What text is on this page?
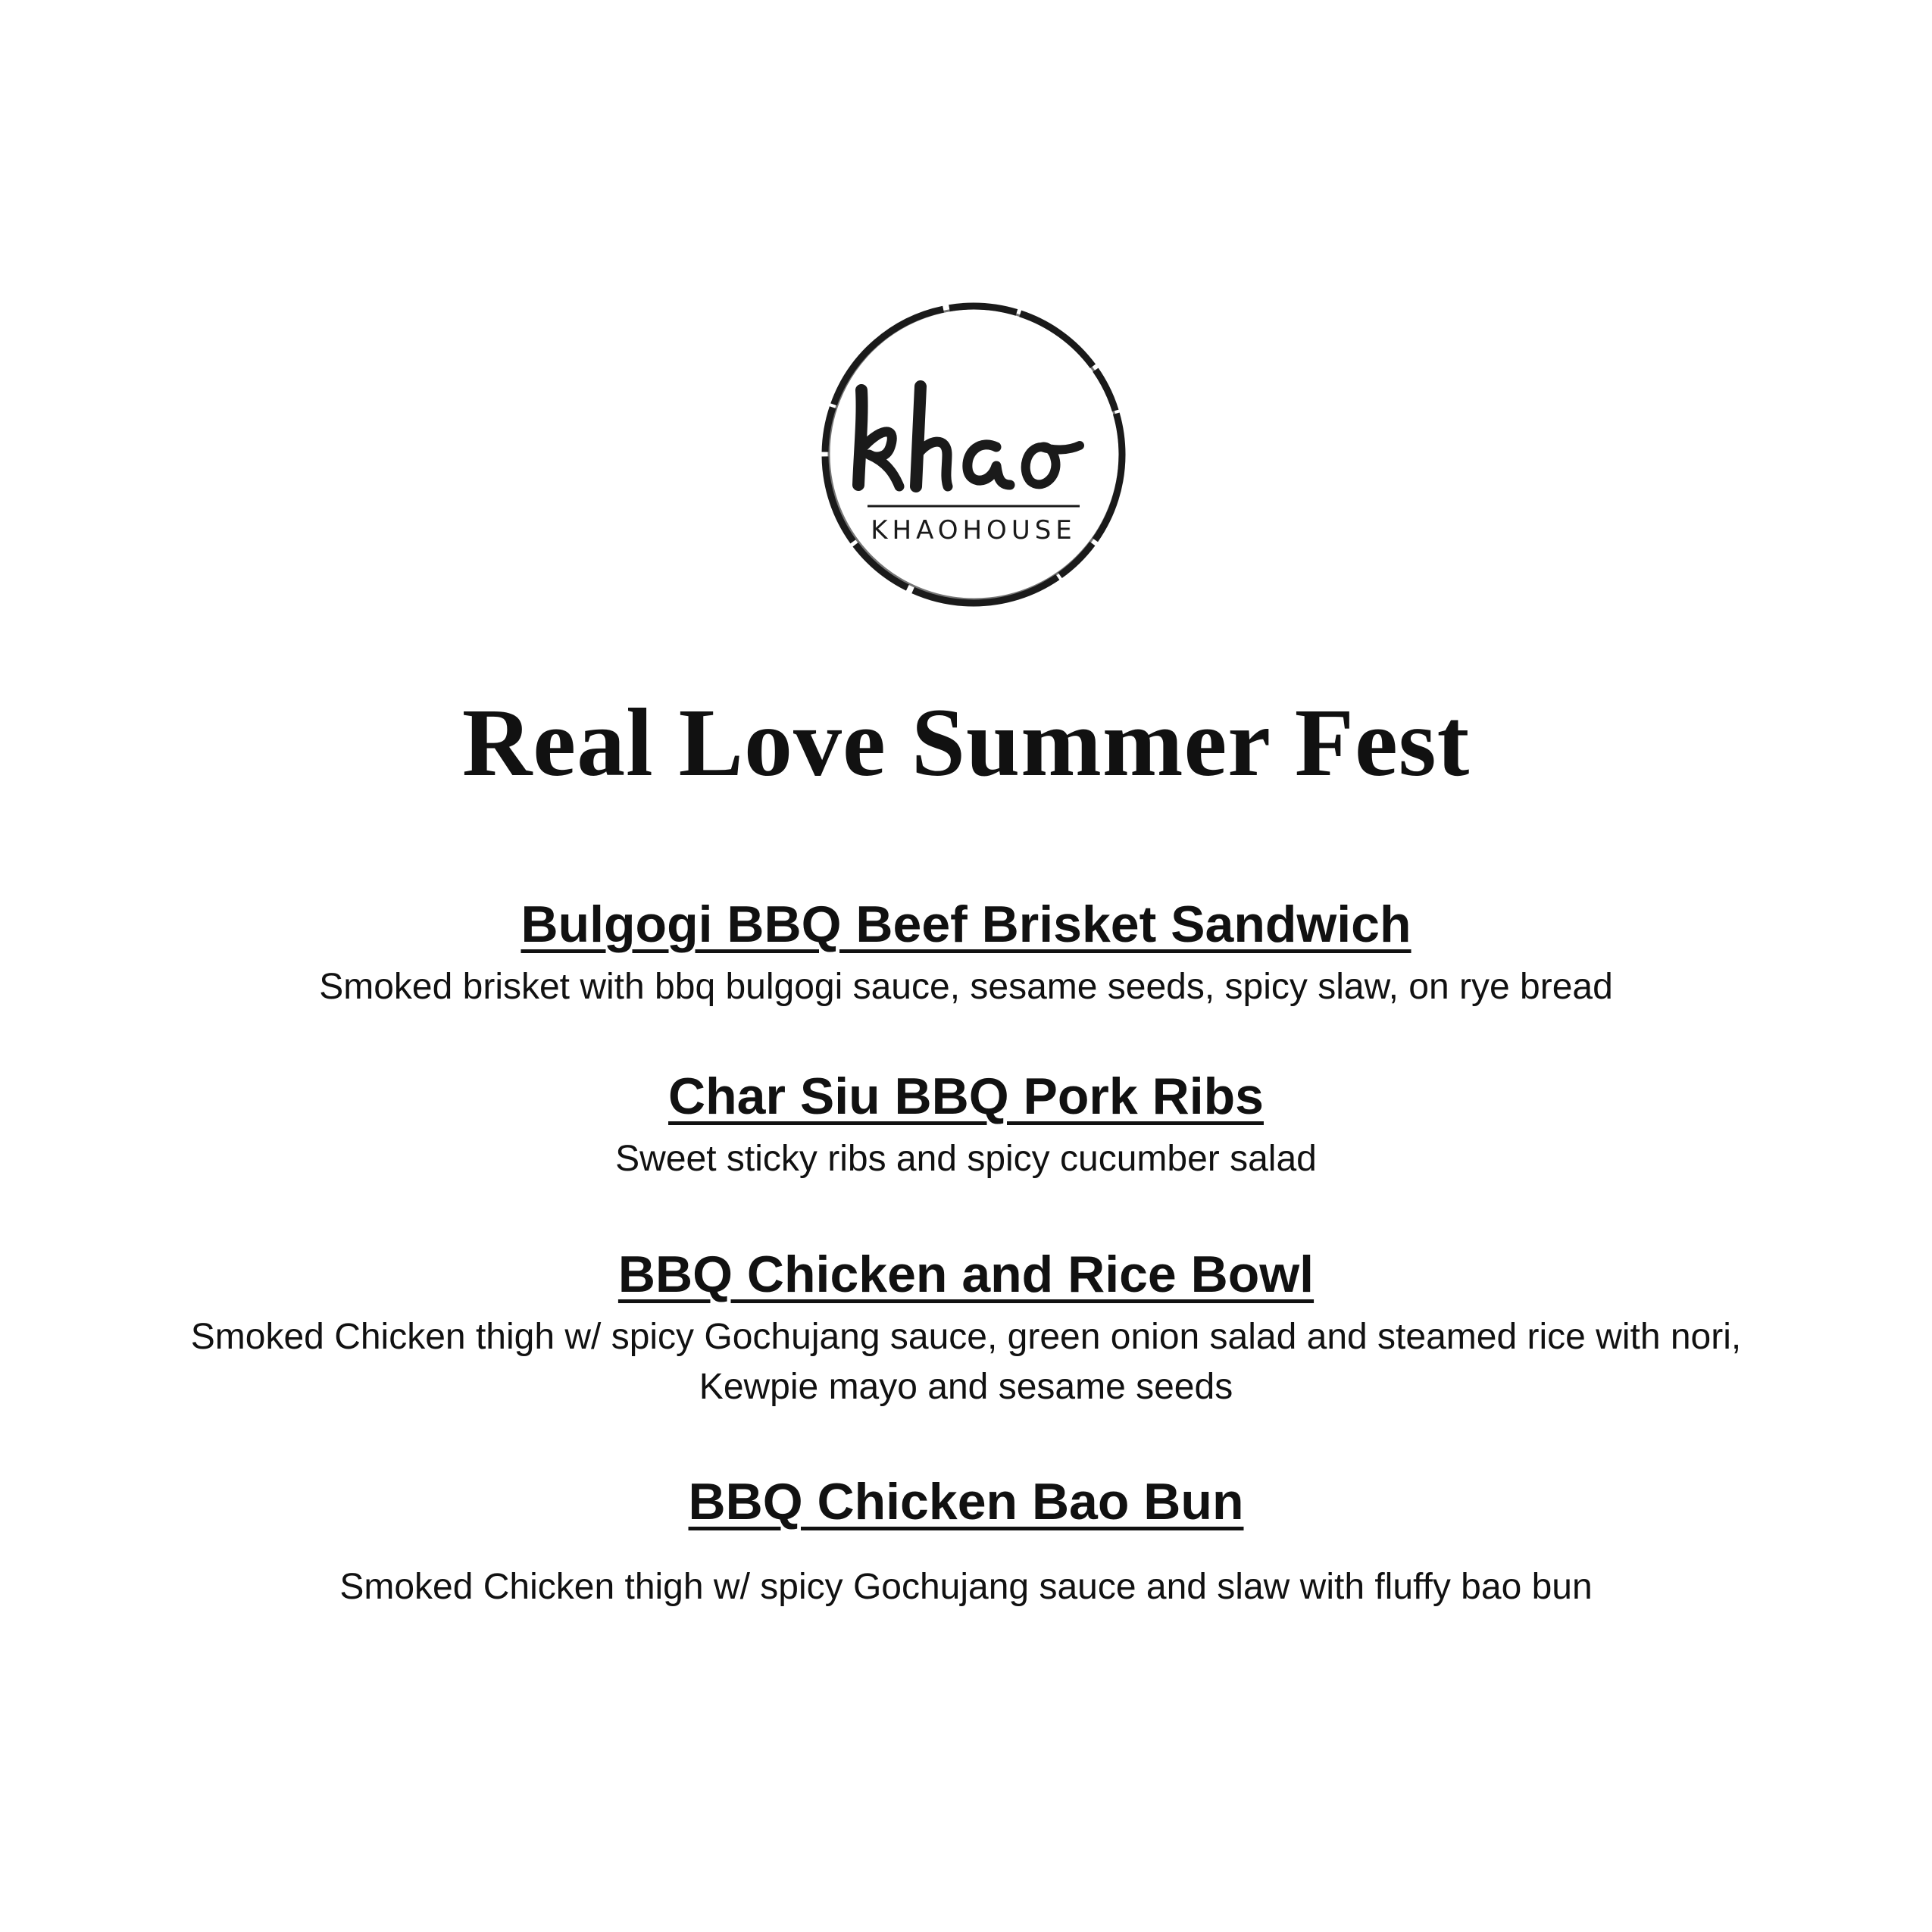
KHAOHOUSE
Real Love Summer Fest
Bulgogi BBQ Beef Brisket Sandwich

Smoked brisket with bbq bulgogi sauce, sesame seeds, spicy slaw, on rye bread

Char Siu BBQ Pork Ribs

Sweet sticky ribs and spicy cucumber salad

BBQ Chicken and Rice Bowl

Smoked Chicken thigh w/ spicy Gochujang sauce, green onion salad and steamed rice with nori, Kewpie mayo and sesame seeds

BBQ Chicken Bao Bun

Smoked Chicken thigh w/ spicy Gochujang sauce and slaw with fluffy bao bun
